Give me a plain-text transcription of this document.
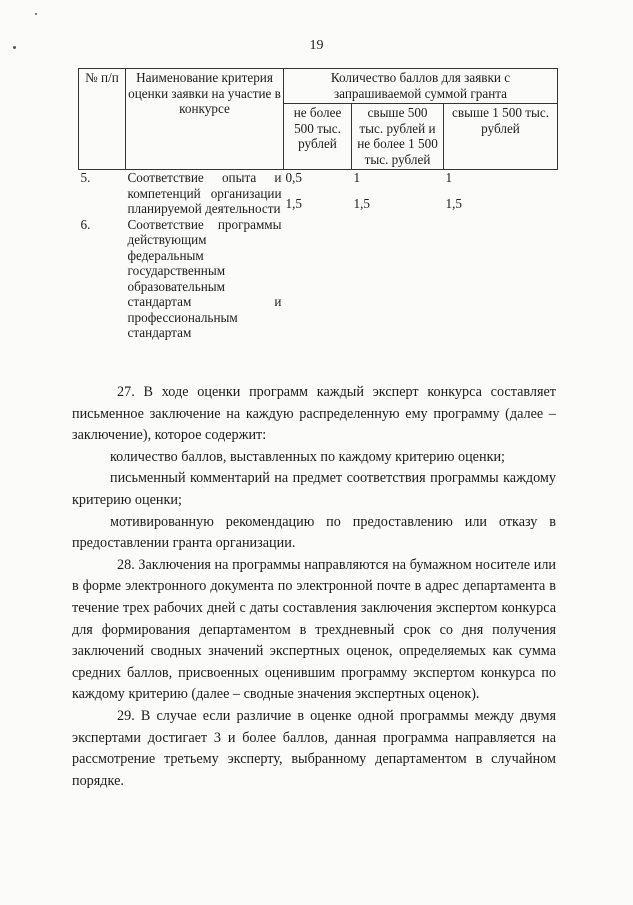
19
№ п/п	Наименование критерия оценки заявки на участие в конкурсе	Количество баллов для заявки с запрашиваемой суммой гранта		
		не более 500 тыс. рублей	свыше 500 тыс. рублей и не более 1 500 тыс. рублей	свыше 1 500 тыс. рублей
5.	Соответствие опыта и компетенций организации планируемой деятельности	0,5	1	1
6.	Соответствие программы действующим федеральным государственным образовательным стандартам и профессиональным стандартам	1,5	1,5	1,5

27. В ходе оценки программ каждый эксперт конкурса составляет письменное заключение на каждую распределенную ему программу (далее – заключение), которое содержит:

количество баллов, выставленных по каждому критерию оценки;

письменный комментарий на предмет соответствия программы каждому критерию оценки;

мотивированную рекомендацию по предоставлению или отказу в предоставлении гранта организации.

28. Заключения на программы направляются на бумажном носителе или в форме электронного документа по электронной почте в адрес департамента в течение трех рабочих дней с даты составления заключения экспертом конкурса для формирования департаментом в трехдневный срок со дня получения заключений сводных значений экспертных оценок, определяемых как сумма средних баллов, присвоенных оценившим программу экспертом конкурса по каждому критерию (далее – сводные значения экспертных оценок).

29. В случае если различие в оценке одной программы между двумя экспертами достигает 3 и более баллов, данная программа направляется на рассмотрение третьему эксперту, выбранному департаментом в случайном порядке.
